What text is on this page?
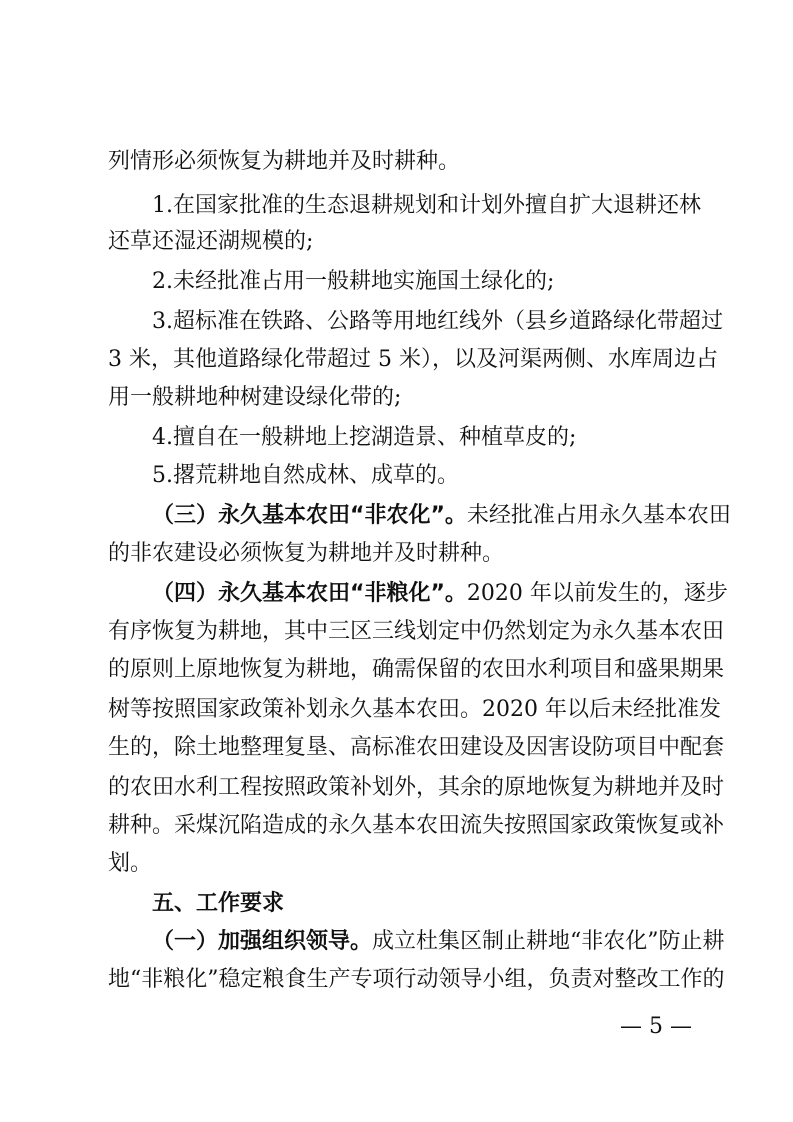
列情形必须恢复为耕地并及时耕种。
1.在国家批准的生态退耕规划和计划外擅自扩大退耕还林
还草还湿还湖规模的;
2.未经批准占用一般耕地实施国土绿化的;
3.超标准在铁路、公路等用地红线外（县乡道路绿化带超过
3 米，其他道路绿化带超过 5 米），以及河渠两侧、水库周边占
用一般耕地种树建设绿化带的;
4.擅自在一般耕地上挖湖造景、种植草皮的;
5.撂荒耕地自然成林、成草的。
（三）永久基本农田“非农化”。未经批准占用永久基本农田
的非农建设必须恢复为耕地并及时耕种。
（四）永久基本农田“非粮化”。2020 年以前发生的，逐步
有序恢复为耕地，其中三区三线划定中仍然划定为永久基本农田
的原则上原地恢复为耕地，确需保留的农田水利项目和盛果期果
树等按照国家政策补划永久基本农田。2020 年以后未经批准发
生的，除土地整理复垦、高标准农田建设及因害设防项目中配套
的农田水利工程按照政策补划外，其余的原地恢复为耕地并及时
耕种。采煤沉陷造成的永久基本农田流失按照国家政策恢复或补
划。
五、工作要求
（一）加强组织领导。成立杜集区制止耕地“非农化”防止耕
地“非粮化”稳定粮食生产专项行动领导小组，负责对整改工作的
— 5 —
